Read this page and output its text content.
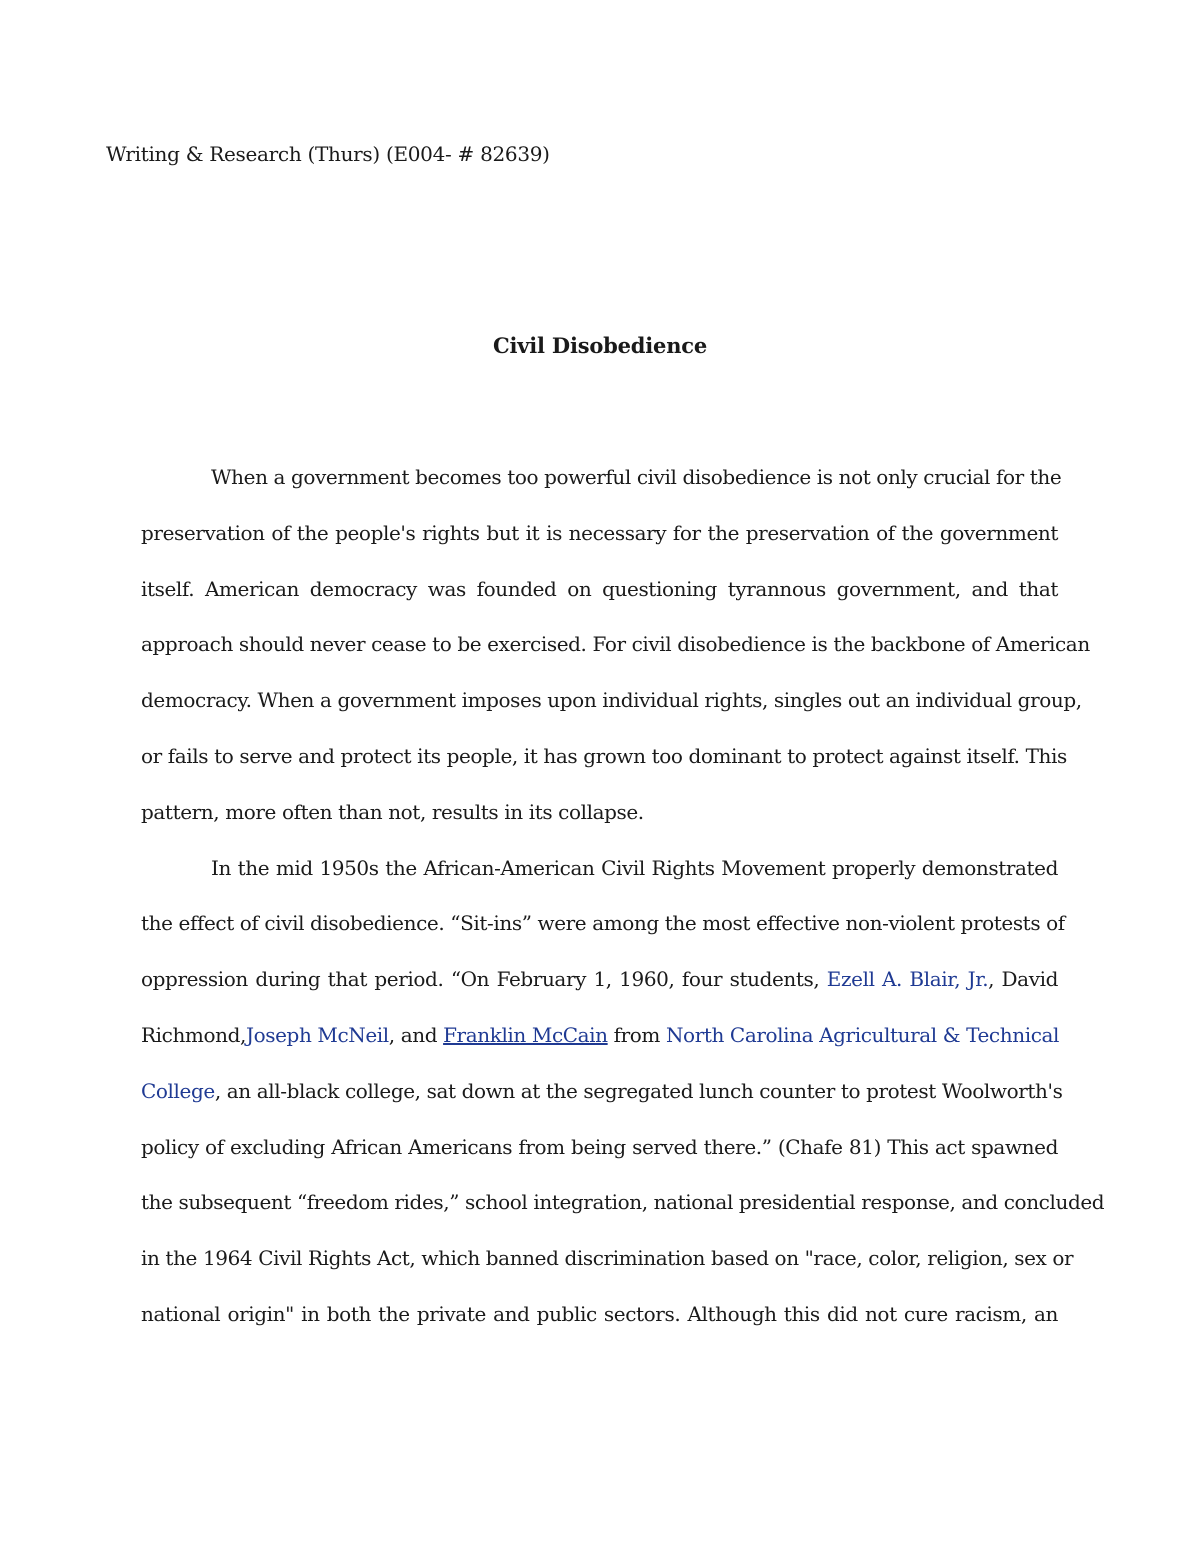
Writing & Research (Thurs) (E004- # 82639)
Civil Disobedience
When a government becomes too powerful civil disobedience is not only crucial for the
preservation of the people's rights but it is necessary for the preservation of the government
itself. American democracy was founded on questioning tyrannous government, and that
approach should never cease to be exercised. For civil disobedience is the backbone of American
democracy. When a government imposes upon individual rights, singles out an individual group,
or fails to serve and protect its people, it has grown too dominant to protect against itself. This
pattern, more often than not, results in its collapse.
In the mid 1950s the African-American Civil Rights Movement properly demonstrated
the effect of civil disobedience. “Sit-ins” were among the most effective non-violent protests of
oppression during that period. “On February 1, 1960, four students, Ezell A. Blair, Jr., David
Richmond,Joseph McNeil, and Franklin McCain from North Carolina Agricultural & Technical
College, an all-black college, sat down at the segregated lunch counter to protest Woolworth's
policy of excluding African Americans from being served there.” (Chafe 81) This act spawned
the subsequent “freedom rides,” school integration, national presidential response, and concluded
in the 1964 Civil Rights Act, which banned discrimination based on "race, color, religion, sex or
national origin" in both the private and public sectors. Although this did not cure racism, an
